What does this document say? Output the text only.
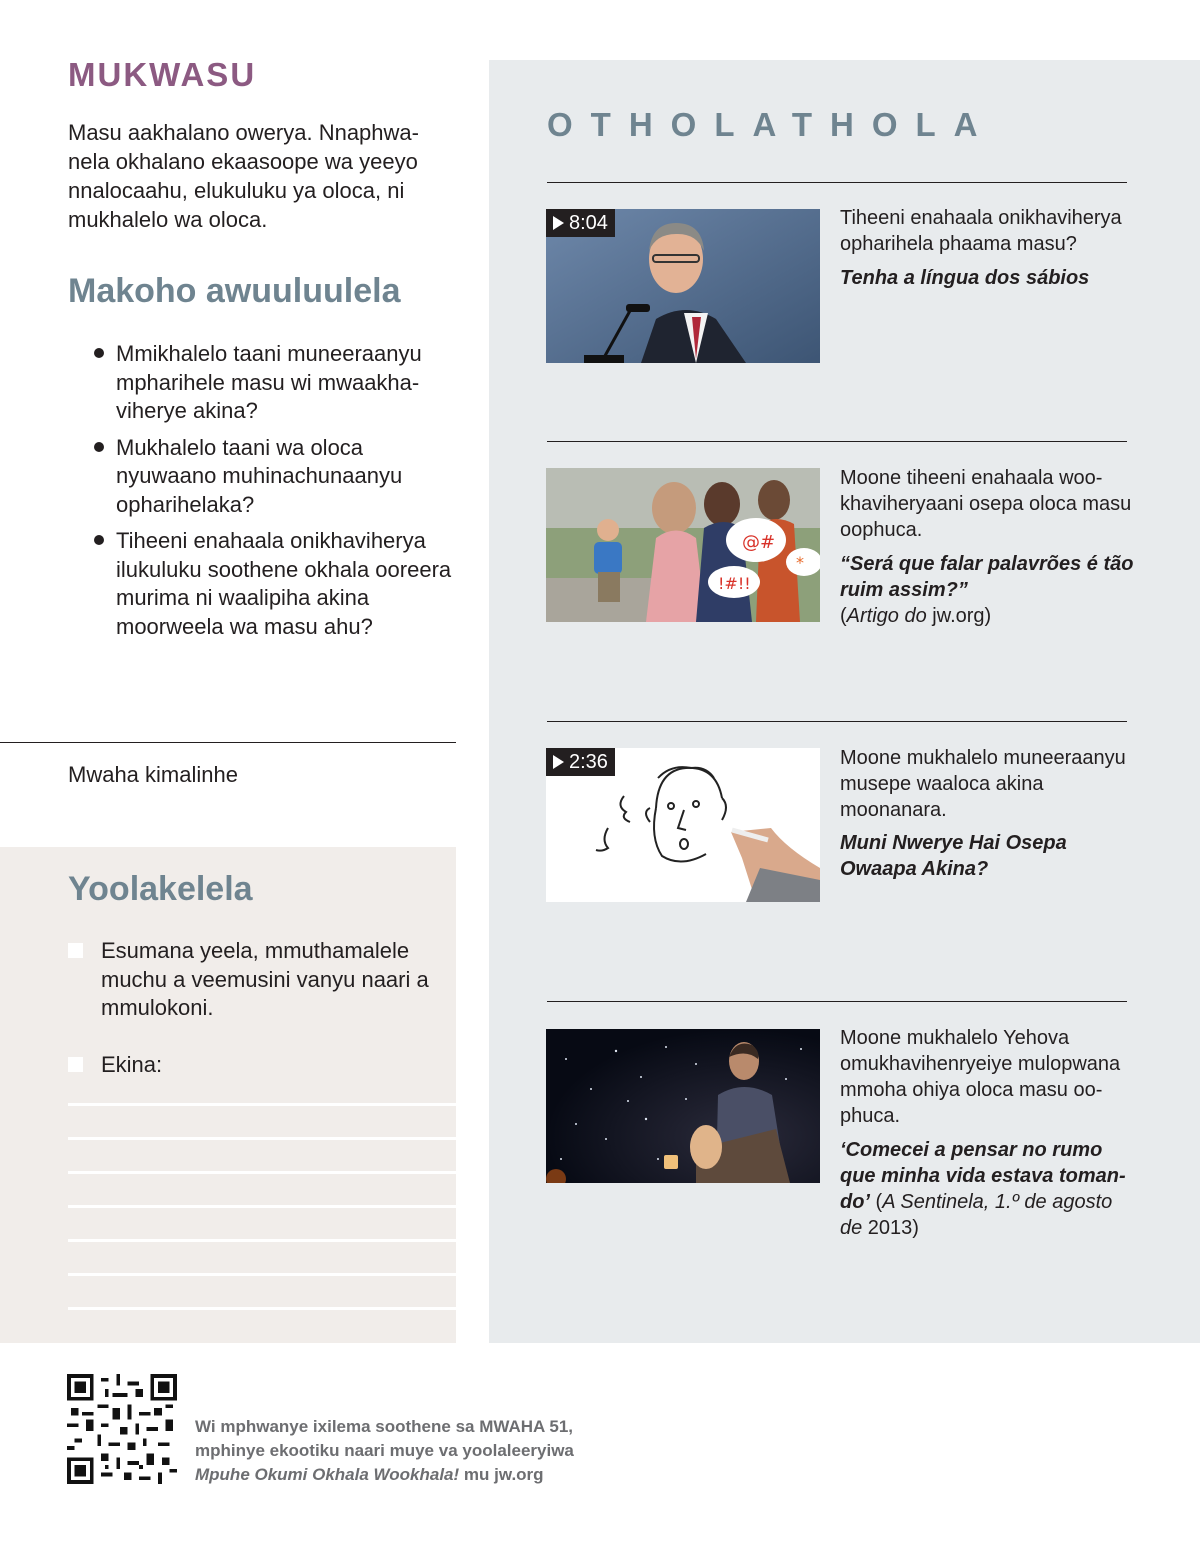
MUKWASU
Masu aakhalano owerya. Nnaphwanela okhalano ekaasoope wa yeeyo nnalocaahu, elukuluku ya oloca, ni mukhalelo wa oloca.
Makoho awuuluulela
Mmikhalelo taani muneeraanyu mpharihele masu wi mwaakhaviherye akina?
Mukhalelo taani wa oloca nyuwaano muhinachunaanyu opharihelaka?
Tiheeni enahaala onikhaviherya ilukuluku soothene okhala ooreera murima ni waalipiha akina moorweela wa masu ahu?
Mwaha kimalinhe
Yoolakelela
Esumana yeela, mmuthamalele muchu a veemusini vanyu naari a mmulokoni.
Ekina:
OTHOLATHOLA
8:04	Tiheeni enahaala onikhaviherya opharihela phaama masu?
Tenha a língua dos sábios
@#
!#!!
*
Moone tiheeni enahaala wookhaviheryaani osepa oloca masu oophuca.
“Será que falar palavrões é tão ruim assim?”
(Artigo do jw.org)
2:36	Moone mukhalelo muneeraanyu musepe waaloca akina moonanara.
Muni Nwerye Hai Osepa Owaapa Akina?
Moone mukhalelo Yehova omukhavihenryeiye mulopwana mmoha ohiya oloca masu oophuca.
‘Comecei a pensar no rumo que minha vida estava tomando’ (A Sentinela, 1.º de agosto de 2013)
Wi mphwanye ixilema soothene sa MWAHA 51,
mphinye ekootiku naari muye va yoolaleeryiwa
Mpuhe Okumi Okhala Wookhala! mu jw.org
